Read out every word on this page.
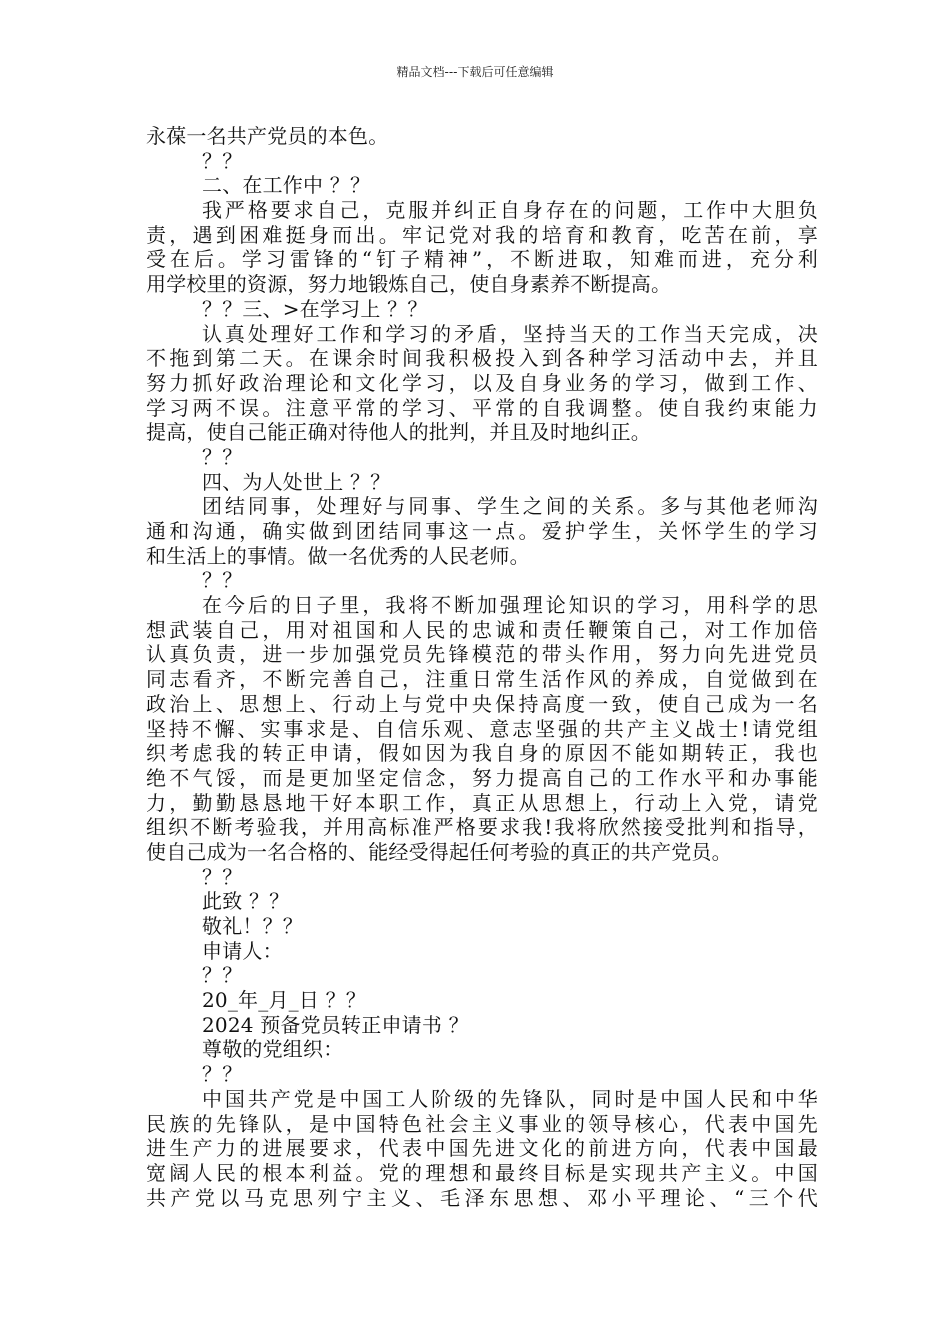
精品文档---下载后可任意编辑
永葆一名共产党员的本色。
？？
二、在工作中 ？？
我严格要求自己，克服并纠正自身存在的问题，工作中大胆负
责，遇到困难挺身而出。牢记党对我的培育和教育，吃苦在前，享
受在后。学习雷锋的“钉子精神”，不断进取，知难而进，充分利
用学校里的资源，努力地锻炼自己，使自身素养不断提高。
？？三、>在学习上 ？？
认真处理好工作和学习的矛盾，坚持当天的工作当天完成，决
不拖到第二天。在课余时间我积极投入到各种学习活动中去，并且
努力抓好政治理论和文化学习，以及自身业务的学习，做到工作、
学习两不误。注意平常的学习、平常的自我调整。使自我约束能力
提高，使自己能正确对待他人的批判，并且及时地纠正。
？？
四、为人处世上 ？？
团结同事，处理好与同事、学生之间的关系。多与其他老师沟
通和沟通，确实做到团结同事这一点。爱护学生，关怀学生的学习
和生活上的事情。做一名优秀的人民老师。
？？
在今后的日子里，我将不断加强理论知识的学习，用科学的思
想武装自己，用对祖国和人民的忠诚和责任鞭策自己，对工作加倍
认真负责，进一步加强党员先锋模范的带头作用，努力向先进党员
同志看齐，不断完善自己，注重日常生活作风的养成，自觉做到在
政治上、思想上、行动上与党中央保持高度一致，使自己成为一名
坚持不懈、实事求是、自信乐观、意志坚强的共产主义战士!请党组
织考虑我的转正申请，假如因为我自身的原因不能如期转正，我也
绝不气馁，而是更加坚定信念，努力提高自己的工作水平和办事能
力，勤勤恳恳地干好本职工作，真正从思想上，行动上入党，请党
组织不断考验我，并用高标准严格要求我!我将欣然接受批判和指导，
使自己成为一名合格的、能经受得起任何考验的真正的共产党员。
？？
此致 ？？
敬礼！？？
申请人：
？？
20_年_月_日 ？？
2024 预备党员转正申请书 ？
尊敬的党组织：
？？
中国共产党是中国工人阶级的先锋队，同时是中国人民和中华
民族的先锋队，是中国特色社会主义事业的领导核心，代表中国先
进生产力的进展要求，代表中国先进文化的前进方向，代表中国最
宽阔人民的根本利益。党的理想和最终目标是实现共产主义。中国
共产党以马克思列宁主义、毛泽东思想、邓小平理论、“三个代
